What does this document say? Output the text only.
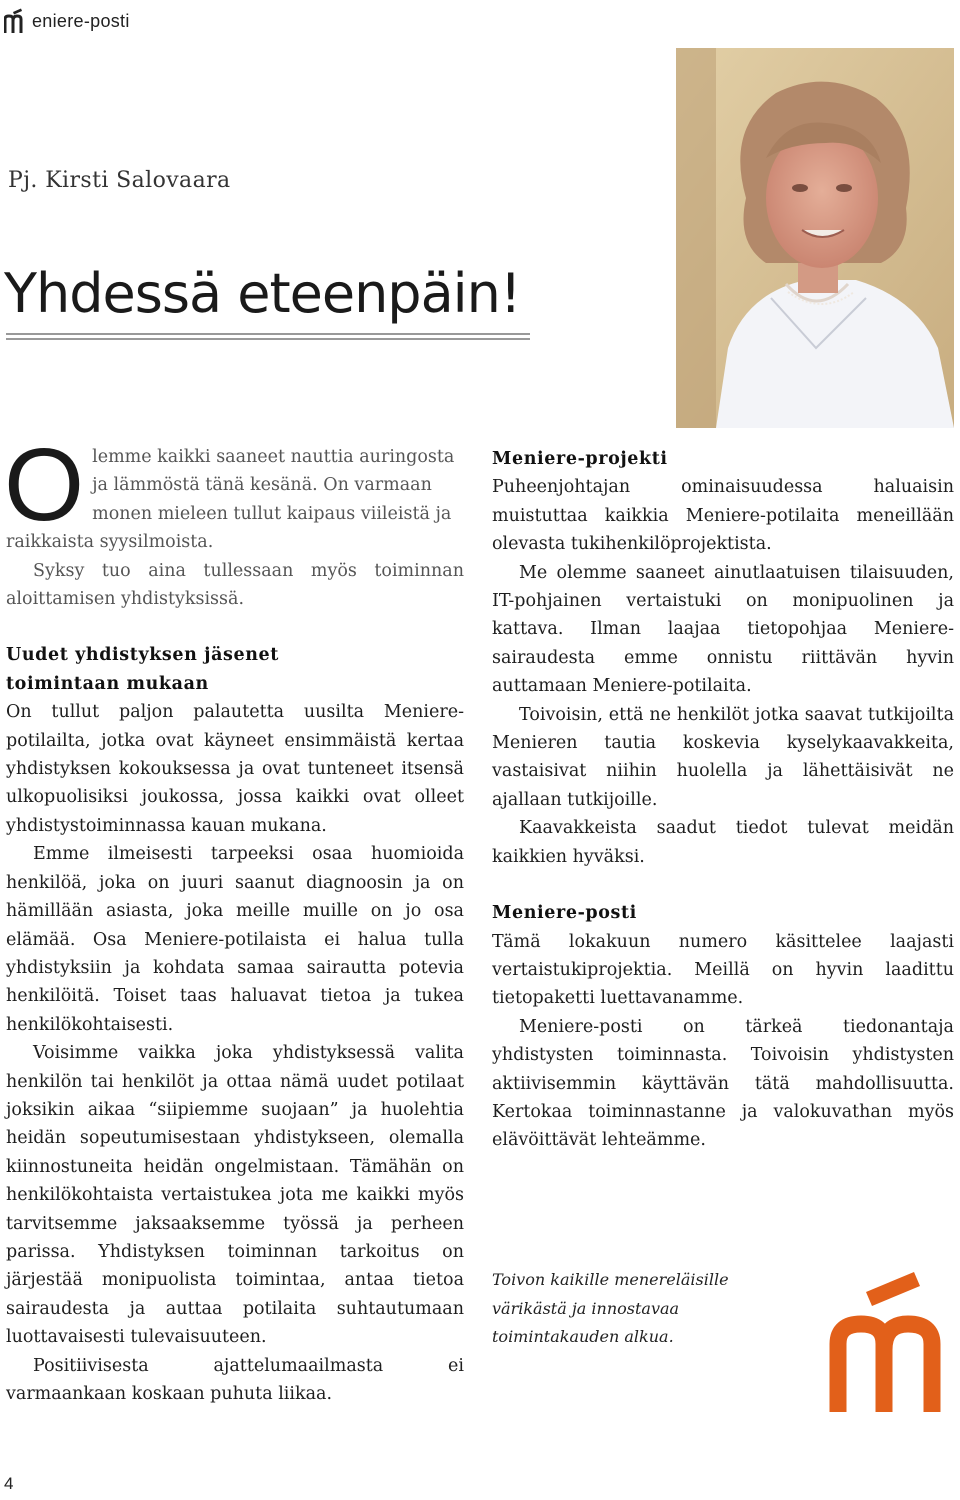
eniere-posti
Pj. Kirsti Salovaara
Yhdessä eteenpäin!
O lemme kaikki saaneet nauttia auringosta
ja lämmöstä tänä kesänä. On varmaan
monen mieleen tullut kaipaus viileistä ja
raikkaista syysilmoista.

Syksy tuo aina tullessaan myös toiminnan aloittamisen yhdistyksissä.

Uudet yhdistyksen jäsenet
toimintaan mukaan

On tullut paljon palautetta uusilta Meniere-potilailta, jotka ovat käyneet ensimmäistä kertaa yhdistyksen kokouksessa ja ovat tunteneet itsensä ulkopuolisiksi joukossa, jossa kaikki ovat olleet yhdistystoiminnassa kauan mukana.

Emme ilmeisesti tarpeeksi osaa huomioida henkilöä, joka on juuri saanut diagnoosin ja on hämillään asiasta, joka meille muille on jo osa elämää. Osa Meniere-potilaista ei halua tulla yhdistyksiin ja kohdata samaa sairautta potevia henkilöitä. Toiset taas haluavat tietoa ja tukea henkilökohtaisesti.

Voisimme vaikka joka yhdistyksessä valita henkilön tai henkilöt ja ottaa nämä uudet potilaat joksikin aikaa “siipiemme suojaan” ja huolehtia heidän sopeutumisestaan yhdistykseen, olemalla kiinnostuneita heidän ongelmistaan. Tämähän on henkilökohtaista vertaistukea jota me kaikki myös tarvitsemme jaksaaksemme työssä ja perheen parissa. Yhdistyksen toiminnan tarkoitus on järjestää monipuolista toimintaa, antaa tietoa sairaudesta ja auttaa potilaita suhtautumaan luottavaisesti tulevaisuuteen.

Positiivisesta ajattelumaailmasta ei varmaankaan koskaan puhuta liikaa.

Meniere-projekti

Puheenjohtajan ominaisuudessa haluaisin muistuttaa kaikkia Meniere-potilaita meneillään olevasta tukihenkilöprojektista.

Me olemme saaneet ainutlaatuisen tilaisuuden, IT-pohjainen vertaistuki on monipuolinen ja kattava. Ilman laajaa tietopohjaa Meniere-sairaudesta emme onnistu riittävän hyvin auttamaan Meniere-potilaita.

Toivoisin, että ne henkilöt jotka saavat tutkijoilta Menieren tautia koskevia kyselykaavakkeita, vastaisivat niihin huolella ja lähettäisivät ne ajallaan tutkijoille.

Kaavakkeista saadut tiedot tulevat meidän kaikkien hyväksi.

Meniere-posti

Tämä lokakuun numero käsittelee laajasti vertaistukiprojektia. Meillä on hyvin laadittu tietopaketti luettavanamme.

Meniere-posti on tärkeä tiedonantaja yhdistysten toiminnasta. Toivoisin yhdistysten aktiivisemmin käyttävän tätä mahdollisuutta. Kertokaa toiminnastanne ja valokuvathan myös elävöittävät lehteämme.

Toivon kaikille menereläisille
värikästä ja innostavaa
toimintakauden alkua.
4
